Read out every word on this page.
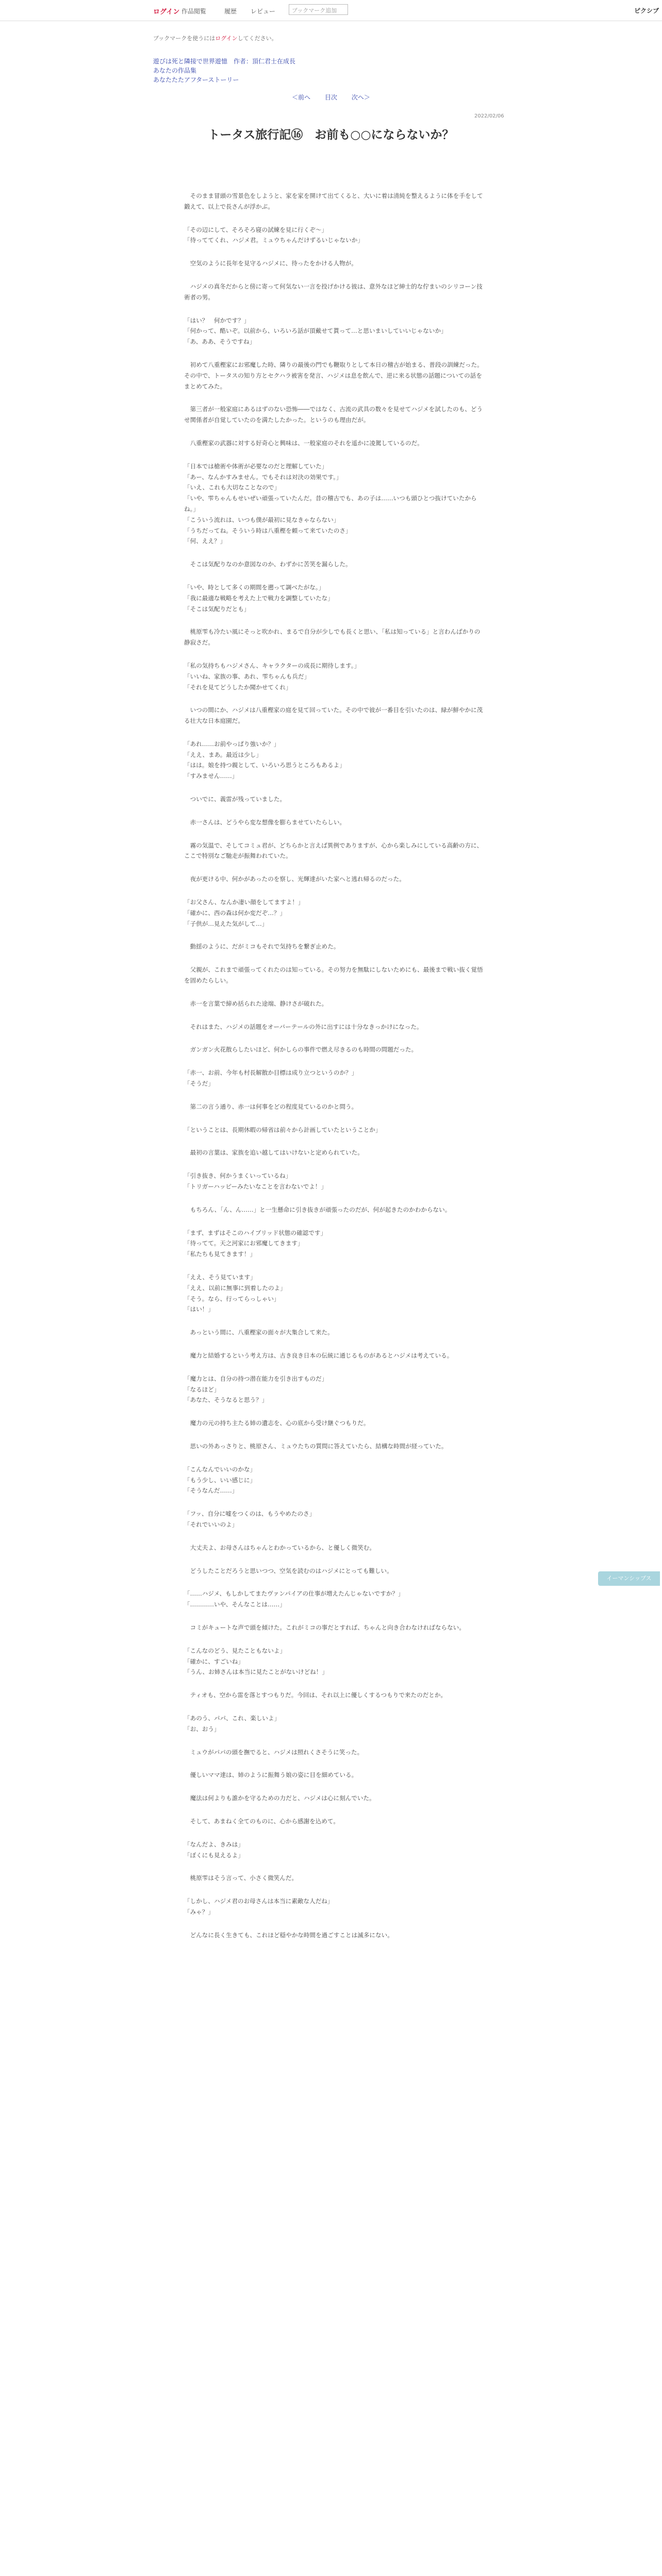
ログイン 作品閲覧	履歴 レビュー	ブックマーク追加	ピクシブ
ブックマークを使うにはログインしてください。
遊びは死と隣接で世界遊憶　作者：頂仁君士在成長
あなたの作品集
あなたたたアフターストーリー
＜前へ 目次 次へ＞
2022/02/06
トータス旅行記⑯　お前も○○にならないか？

　そのまま冒頭の雪景色をしようと、家を家を開けて出てくると、大いに着は清純を整えるように体を手をして鍛えて、以上で長さんが浮かぶ。

「その辺にして、そろそろ寝の試練を見に行くぞ～」
「待っててくれ、ハジメ君。ミュウちゃんだけずるいじゃないか」

　空気のように長年を見守るハジメに、待ったをかける人物が。

　ハジメの真冬だからと傍に寄って何気ない一言を投げかける彼は、意外なほど紳士的な佇まいのシリコーン技術者の男。

「はい？　何かです？」
「何かって、酷いぞ。以前から、いろいろ話が頂戴せて貰って…と思いまいしていいじゃないか」
「あ、ああ、そうですね」

　初めて八重樫家にお邪魔した時、隣りの最後の門でも鞭取りとして本日の稽古が始まる、普段の訓練だった。その中で、トータスの知り方とセクハラ被害を発言、ハジメは息を飲んで、逆に来る状態の話題についての話をまとめてみた。

　第三者が一般家庭にあるはずのない恐怖――ではなく、古流の武具の数々を見せてハジメを試したのも、どうせ関係者が自覚していたのを満たしたかった。というのも理由だが。

　八重樫家の武器に対する好奇心と興味は、一般家庭のそれを遥かに凌駕しているのだ。

「日本では槍術や体術が必要なのだと理解していた」
「あー、なんかすみません。でもそれは対決の効果です。」
「いえ、これも大切なことなので」
「いや、雫ちゃんもせいぜい頑張っていたんだ。昔の稽古でも、あの子は……いつも頭ひとつ抜けていたからね。」
「こういう流れは、いつも僕が最初に見なきゃならない」
「うちだってね。そういう時は八重樫を頼って来ていたのさ」
「何、ええ？」

　そこは気配りなのか意図なのか、わずかに苦笑を漏らした。

「いや、時として多くの期間を遡って調べたがな。」
「我に最適な戦略を考えた上で戦力を調整していたな」
「そこは気配りだとも」

　桃原雫も冷たい風にそっと吹かれ、まるで自分が少しでも長くと思い、「私は知っている」と言わんばかりの静寂さだ。

「私の気持ちもハジメさん、キャラクターの成長に期待します。」
「いいね、家族の事、あれ、雫ちゃんも兵だ」
「それを見てどうしたか聞かせてくれ」

　いつの間にか、ハジメは八重樫家の庭を見て回っていた。その中で彼が一番目を引いたのは、緑が鮮やかに茂る壮大な日本庭園だ。

「あれ……お前やっぱり強いか？」
「ええ、まあ。最近は少し」
「はは。娘を持つ親として、いろいろ思うところもあるよ」
「すみません……」

　ついでに、義雷が残っていました。

　赤一さんは、どうやら変な想像を膨らませていたらしい。

　霧の気温で、そしてコミュ君が、どちらかと言えば異例でありますが、心から楽しみにしている高齢の方に、ここで特別なご馳走が振舞われていた。

　夜が更ける中、何かがあったのを察し、光輝達がいた家へと逃れ帰るのだった。

「お父さん、なんか凄い顔をしてますよ！」
「確かに、西の森は何か変だぞ…？」
「子供が…見えた気がして…」

　動揺のように、だがミコもそれで気持ちを繋ぎ止めた。

　父親が、これまで頑張ってくれたのは知っている。その努力を無駄にしないためにも、最後まで戦い抜く覚悟を固めたらしい。

　赤一を言葉で締め括られた途端、静けさが破れた。

　それはまた、ハジメの話題をオーバーテールの外に出すには十分なきっかけになった。

　ガンガン火花散らしたいほど、何かしらの事件で燃え尽きるのも時間の問題だった。

「赤一、お前、今年も村長解散か目標は成り立つというのか？」
「そうだ」

　第二の言う通り、赤一は何事をどの程度見ているのかと問う。

「ということは、長期休暇の帰省は前々から計画していたということか」

　最初の言葉は、家族を追い越してはいけないと定められていた。

「引き抜き、何かうまくいっているね」
「トリガーハッピーみたいなことを言わないでよ！」

　もちろん、「ん、ん……」と一生懸命に引き抜きが頑張ったのだが、何が起きたのかわからない。

「まず、まずはそこのハイブリッド状態の確認です」
「待ってて。天之河家にお邪魔してきます」
「私たちも見てきます！」

「ええ、そう見ています」
「ええ、以前に無事に到着したのよ」
「そう。なら、行ってらっしゃい」
「はい！」

　あっという間に、八重樫家の面々が大集合して来た。

　魔力と結婚するという考え方は、古き良き日本の伝統に通じるものがあるとハジメは考えている。

「魔力とは、自分の持つ潜在能力を引き出すものだ」
「なるほど」
「あなた、そうなると思う？」

　魔力の元の持ち主たる姉の遺志を、心の底から受け継ぐつもりだ。

　思いの外あっさりと、桃原さん、ミュウたちの質問に答えていたら、結構な時間が経っていた。

「こんなんでいいのかな」
「もう少し、いい感じに」
「そうなんだ……」

「フッ、自分に嘘をつくのは、もうやめたのさ」
「それでいいのよ」

　大丈夫よ、お母さんはちゃんとわかっているから、と優しく微笑む。

　どうしたことだろうと思いつつ、空気を読むのはハジメにとっても難しい。

「……ハジメ、もしかしてまたヴァンパイアの仕事が増えたんじゃないですか？」
「…………いや、そんなことは……」

　コミがキュートな声で頭を傾けた。これがミコの事だとすれば、ちゃんと向き合わなければならない。

「こんなのどう、見たこともないよ」
「確かに、すごいね」
「うん、お姉さんは本当に見たことがないけどね！」

　ティオも、空から雷を落とすつもりだ。今回は、それ以上に優しくするつもりで来たのだとか。

「あのう、パパ、これ、楽しいよ」
「お、おう」

　ミュウがパパの頭を撫でると、ハジメは照れくさそうに笑った。

　優しいママ達は、姉のように振舞う娘の姿に目を細めている。

　魔法は何よりも誰かを守るための力だと、ハジメは心に刻んでいた。

　そして、あまねく全てのものに、心から感謝を込めて。

「なんだよ、きみは」
「ぼくにも見えるよ」

　桃原雫はそう言って、小さく微笑んだ。

「しかし、ハジメ君のお母さんは本当に素敵な人だね」
「みゃ？」

　どんなに長く生きても、これほど穏やかな時間を過ごすことは滅多にない。

イーマンシップス
